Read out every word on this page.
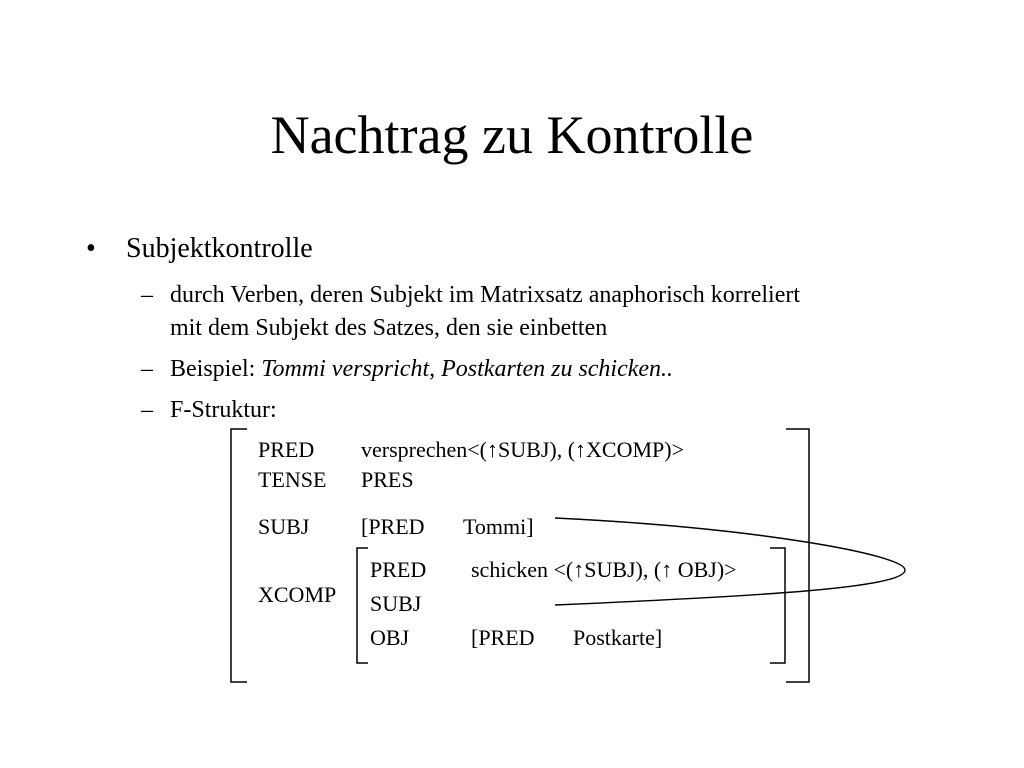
Nachtrag zu Kontrolle
• Subjektkontrolle
– durch Verben, deren Subjekt im Matrixsatz anaphorisch korreliert
mit dem Subjekt des Satzes, den sie einbetten
– Beispiel: Tommi verspricht, Postkarten zu schicken..
– F-Struktur:
PRED versprechen<(↑SUBJ), (↑XCOMP)>
TENSE PRES
SUBJ [PRED Tommi]
XCOMP
PRED schicken <(↑SUBJ), (↑ OBJ)>
SUBJ
OBJ	[PRED Postkarte]
